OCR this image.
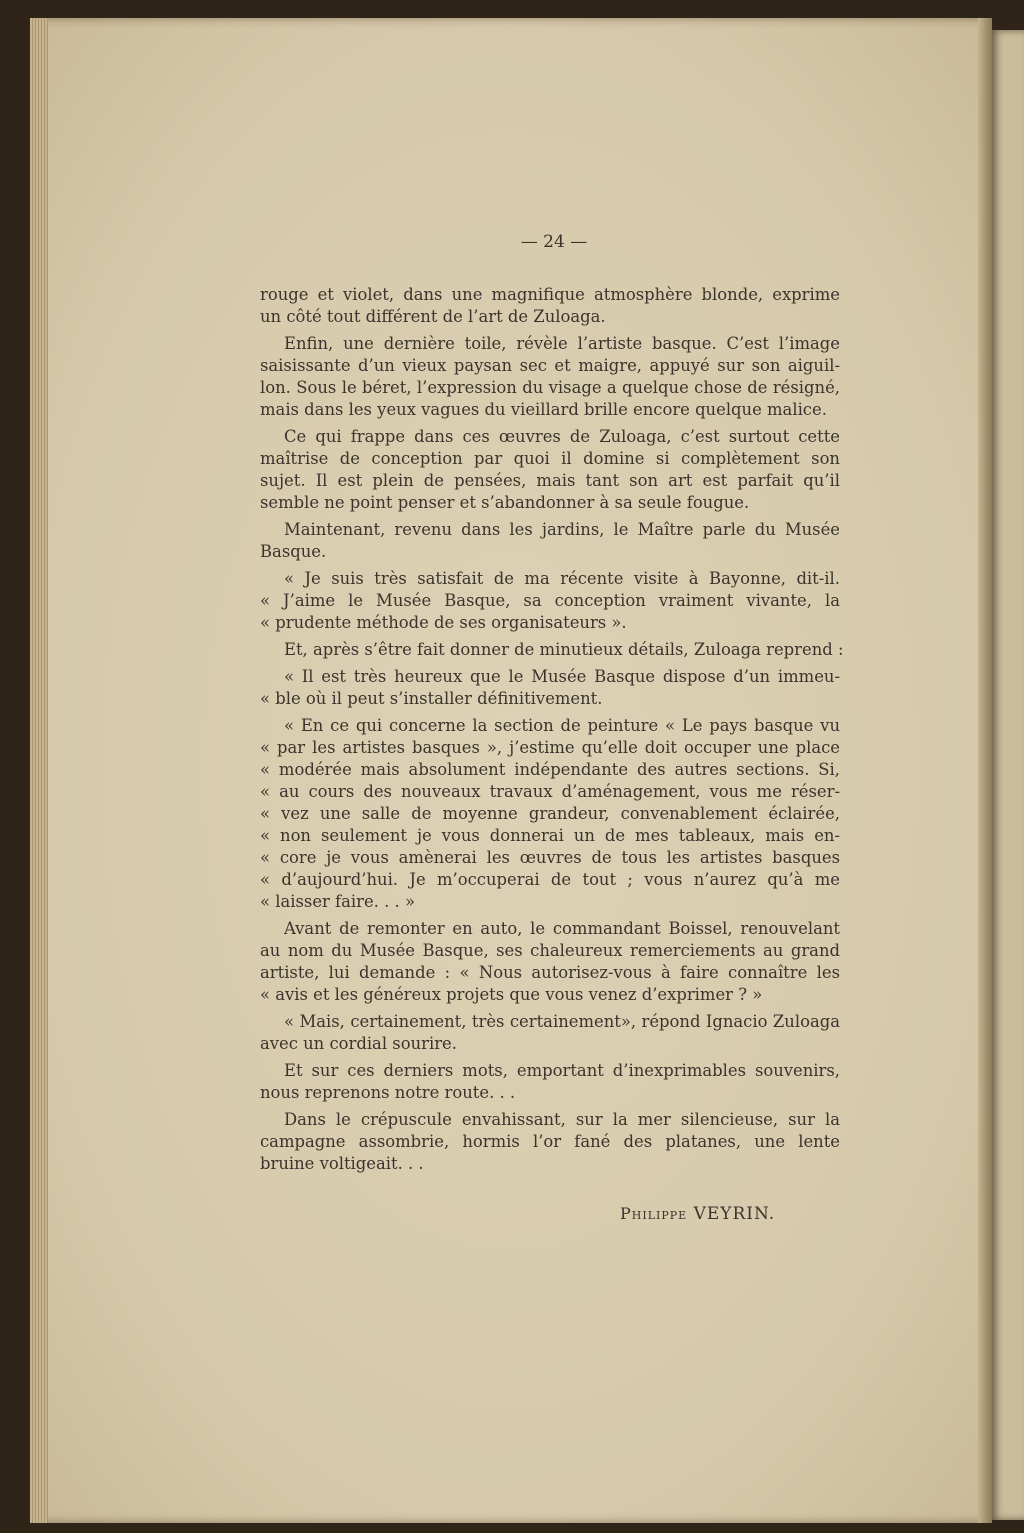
— 24 —
rouge et violet, dans une magnifique atmosphère blonde, exprime
un côté tout différent de l’art de Zuloaga.
Enfin, une dernière toile, révèle l’artiste basque. C’est l’image
saisissante d’un vieux paysan sec et maigre, appuyé sur son aiguil-
lon. Sous le béret, l’expression du visage a quelque chose de résigné,
mais dans les yeux vagues du vieillard brille encore quelque malice.
Ce qui frappe dans ces œuvres de Zuloaga, c’est surtout cette
maîtrise de conception par quoi il domine si complètement son
sujet. Il est plein de pensées, mais tant son art est parfait qu’il
semble ne point penser et s’abandonner à sa seule fougue.
Maintenant, revenu dans les jardins, le Maître parle du Musée
Basque.
« Je suis très satisfait de ma récente visite à Bayonne, dit-il.
« J’aime le Musée Basque, sa conception vraiment vivante, la
« prudente méthode de ses organisateurs ».
Et, après s’être fait donner de minutieux détails, Zuloaga reprend :
« Il est très heureux que le Musée Basque dispose d’un immeu-
« ble où il peut s’installer définitivement.
« En ce qui concerne la section de peinture « Le pays basque vu
« par les artistes basques », j’estime qu’elle doit occuper une place
« modérée mais absolument indépendante des autres sections. Si,
« au cours des nouveaux travaux d’aménagement, vous me réser-
« vez une salle de moyenne grandeur, convenablement éclairée,
« non seulement je vous donnerai un de mes tableaux, mais en-
« core je vous amènerai les œuvres de tous les artistes basques
« d’aujourd’hui. Je m’occuperai de tout ; vous n’aurez qu’à me
« laisser faire. . . »
Avant de remonter en auto, le commandant Boissel, renouvelant
au nom du Musée Basque, ses chaleureux remerciements au grand
artiste, lui demande : « Nous autorisez-vous à faire connaître les
« avis et les généreux projets que vous venez d’exprimer ? »
« Mais, certainement, très certainement», répond Ignacio Zuloaga
avec un cordial sourire.
Et sur ces derniers mots, emportant d’inexprimables souvenirs,
nous reprenons notre route. . .
Dans le crépuscule envahissant, sur la mer silencieuse, sur la
campagne assombrie, hormis l’or fané des platanes, une lente
bruine voltigeait. . .
Philippe VEYRIN.
